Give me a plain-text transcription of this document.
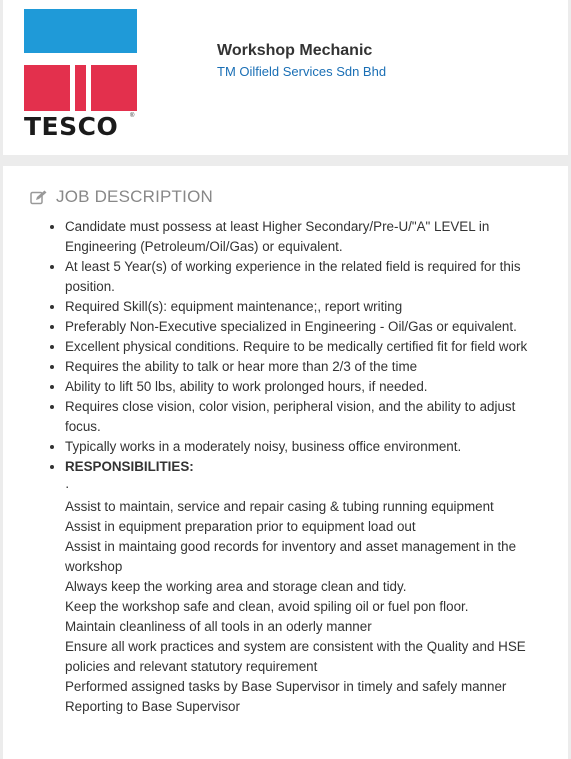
TESCO	®
Workshop Mechanic
TM Oilfield Services Sdn Bhd
JOB DESCRIPTION
• Candidate must possess at least Higher Secondary/Pre-U/"A" LEVEL in Engineering (Petroleum/Oil/Gas) or equivalent.
• At least 5 Year(s) of working experience in the related field is required for this position.
• Required Skill(s): equipment maintenance;, report writing
• Preferably Non-Executive specialized in Engineering - Oil/Gas or equivalent.
• Excellent physical conditions. Require to be medically certified fit for field work
• Requires the ability to talk or hear more than 2/3 of the time
• Ability to lift 50 lbs, ability to work prolonged hours, if needed.
• Requires close vision, color vision, peripheral vision, and the ability to adjust focus.
• Typically works in a moderately noisy, business office environment.
• RESPONSIBILITIES:
·
Assist to maintain, service and repair casing & tubing running equipment
Assist in equipment preparation prior to equipment load out
Assist in maintaing good records for inventory and asset management in the workshop
Always keep the working area and storage clean and tidy.
Keep the workshop safe and clean, avoid spiling oil or fuel pon floor.
Maintain cleanliness of all tools in an oderly manner
Ensure all work practices and system are consistent with the Quality and HSE policies and relevant statutory requirement
Performed assigned tasks by Base Supervisor in timely and safely manner
Reporting to Base Supervisor
